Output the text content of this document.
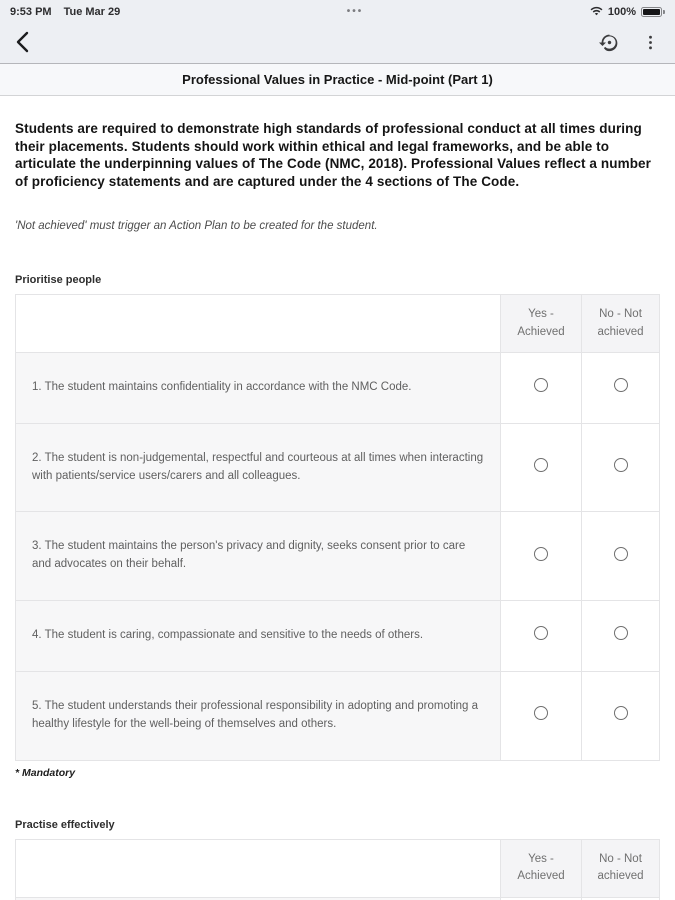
9:53 PM Tue Mar 29	•••	100%
Professional Values in Practice - Mid-point (Part 1)

Students are required to demonstrate high standards of professional conduct at all times during their placements. Students should work within ethical and legal frameworks, and be able to articulate the underpinning values of The Code (NMC, 2018). Professional Values reflect a number of proficiency statements and are captured under the 4 sections of The Code.

'Not achieved' must trigger an Action Plan to be created for the student.

Prioritise people
	Yes - Achieved	No - Not achieved
1. The student maintains confidentiality in accordance with the NMC Code.		
2. The student is non-judgemental, respectful and courteous at all times when interacting with patients/service users/carers and all colleagues.		
3. The student maintains the person's privacy and dignity, seeks consent prior to care and advocates on their behalf.		
4. The student is caring, compassionate and sensitive to the needs of others.		
5. The student understands their professional responsibility in adopting and promoting a healthy lifestyle for the well-being of themselves and others.		
* Mandatory
Practise effectively
	Yes - Achieved	No - Not achieved
